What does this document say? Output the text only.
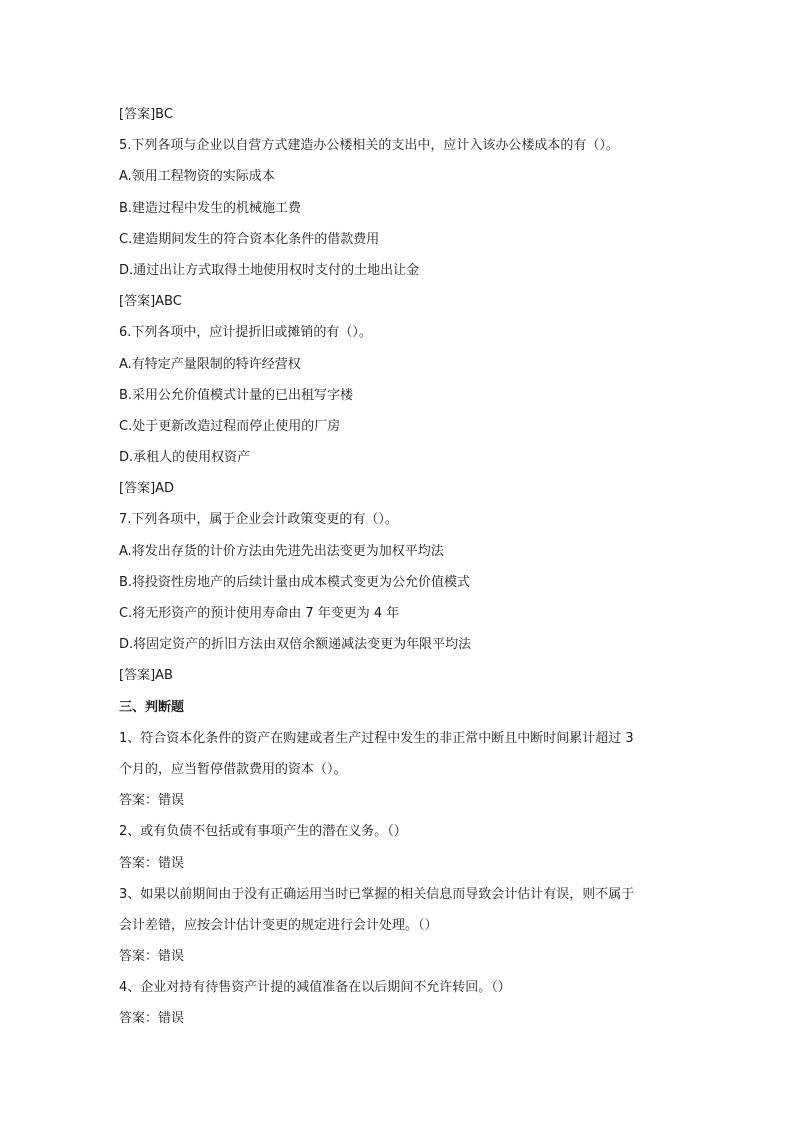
[答案]BC
5.下列各项与企业以自营方式建造办公楼相关的支出中，应计入该办公楼成本的有（）。
A.领用工程物资的实际成本
B.建造过程中发生的机械施工费
C.建造期间发生的符合资本化条件的借款费用
D.通过出让方式取得土地使用权时支付的土地出让金
[答案]ABC
6.下列各项中，应计提折旧或摊销的有（）。
A.有特定产量限制的特许经营权
B.采用公允价值模式计量的已出租写字楼
C.处于更新改造过程而停止使用的厂房
D.承租人的使用权资产
[答案]AD
7.下列各项中，属于企业会计政策变更的有（）。
A.将发出存货的计价方法由先进先出法变更为加权平均法
B.将投资性房地产的后续计量由成本模式变更为公允价值模式
C.将无形资产的预计使用寿命由 7 年变更为 4 年
D.将固定资产的折旧方法由双倍余额递减法变更为年限平均法
[答案]AB
三、判断题
1、符合资本化条件的资产在购建或者生产过程中发生的非正常中断且中断时间累计超过 3
个月的，应当暂停借款费用的资本（）。
答案：错误
2、或有负债不包括或有事项产生的潜在义务。（）
答案：错误
3、如果以前期间由于没有正确运用当时已掌握的相关信息而导致会计估计有误，则不属于
会计差错，应按会计估计变更的规定进行会计处理。（）
答案：错误
4、企业对持有待售资产计提的减值准备在以后期间不允许转回。（）
答案：错误
